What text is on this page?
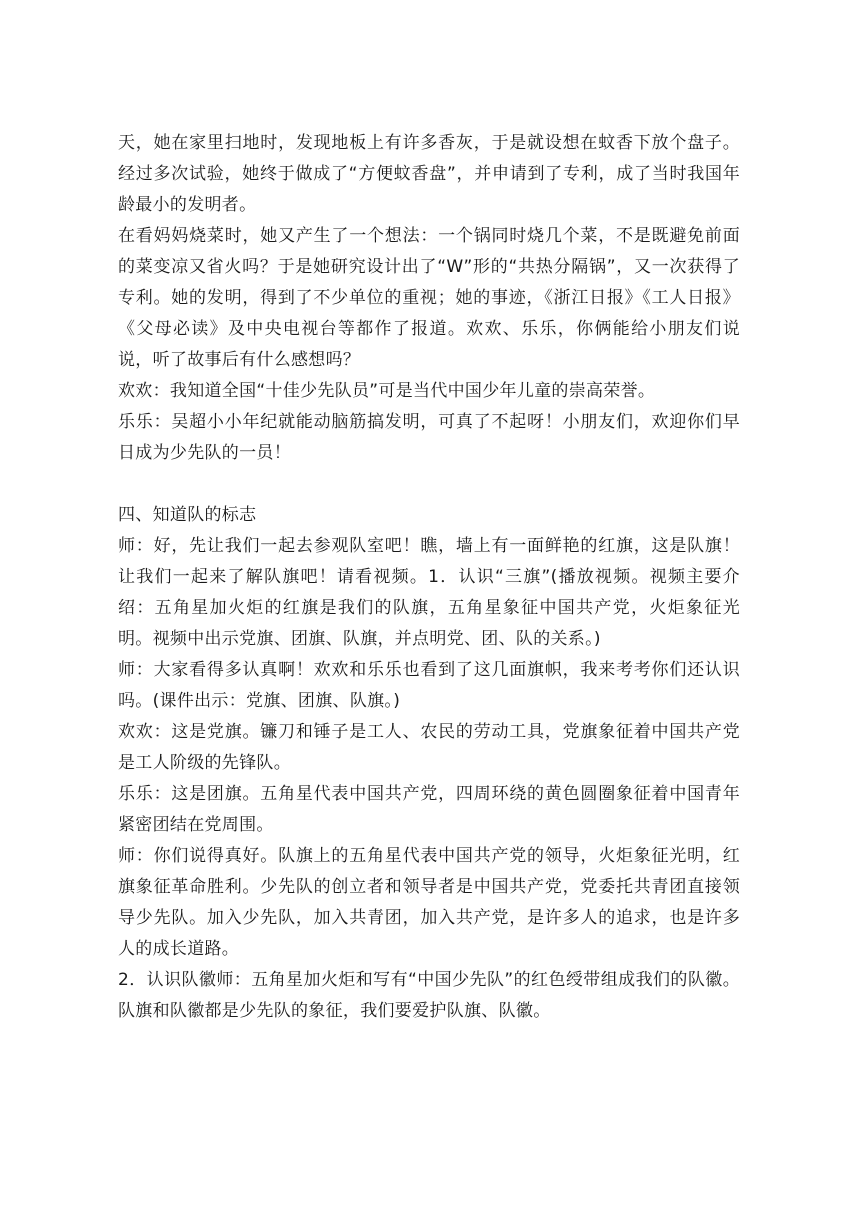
天，她在家里扫地时，发现地板上有许多香灰，于是就设想在蚊香下放个盘子。经过多次试验，她终于做成了“方便蚊香盘”，并申请到了专利，成了当时我国年龄最小的发明者。

在看妈妈烧菜时，她又产生了一个想法：一个锅同时烧几个菜，不是既避免前面的菜变凉又省火吗？于是她研究设计出了“W”形的“共热分隔锅”，又一次获得了专利。她的发明，得到了不少单位的重视；她的事迹，《浙江日报》《工人日报》《父母必读》及中央电视台等都作了报道。欢欢、乐乐，你俩能给小朋友们说说，听了故事后有什么感想吗？

欢欢：我知道全国“十佳少先队员”可是当代中国少年儿童的崇高荣誉。

乐乐：吴超小小年纪就能动脑筋搞发明，可真了不起呀！小朋友们，欢迎你们早日成为少先队的一员！

四、知道队的标志

师：好，先让我们一起去参观队室吧！瞧，墙上有一面鲜艳的红旗，这是队旗！让我们一起来了解队旗吧！请看视频。1．认识“三旗”(播放视频。视频主要介绍：五角星加火炬的红旗是我们的队旗，五角星象征中国共产党，火炬象征光明。视频中出示党旗、团旗、队旗，并点明党、团、队的关系。)

师：大家看得多认真啊！欢欢和乐乐也看到了这几面旗帜，我来考考你们还认识吗。(课件出示：党旗、团旗、队旗。)

欢欢：这是党旗。镰刀和锤子是工人、农民的劳动工具，党旗象征着中国共产党是工人阶级的先锋队。

乐乐：这是团旗。五角星代表中国共产党，四周环绕的黄色圆圈象征着中国青年紧密团结在党周围。

师：你们说得真好。队旗上的五角星代表中国共产党的领导，火炬象征光明，红旗象征革命胜利。少先队的创立者和领导者是中国共产党，党委托共青团直接领导少先队。加入少先队，加入共青团，加入共产党，是许多人的追求，也是许多人的成长道路。

2．认识队徽师：五角星加火炬和写有“中国少先队”的红色绶带组成我们的队徽。队旗和队徽都是少先队的象征，我们要爱护队旗、队徽。
